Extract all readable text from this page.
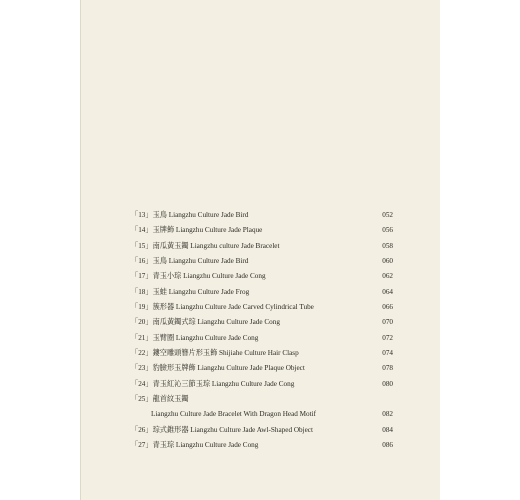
「13」玉鳥 Liangzhu Culture Jade Bird	052
「14」玉牌飾 Liangzhu Culture Jade Plaque	056
「15」南瓜黃玉鐲 Liangzhu culture Jade Bracelet	058
「16」玉鳥 Liangzhu Culture Jade Bird	060
「17」青玉小琮 Liangzhu Culture Jade Cong	062
「18」玉蛙 Liangzhu Culture Jade Frog	064
「19」簇形器 Liangzhu Culture Jade Carved Cylindrical Tube	066
「20」南瓜黃鐲式琮 Liangzhu Culture Jade Cong	070
「21」玉臂圈 Liangzhu Culture Jade Cong	072
「22」鏤空雕頭簪片形玉飾 Shijiahe Culture Hair Clasp	074
「23」豹臉形玉牌飾 Liangzhu Culture Jade Plaque Object	078
「24」青玉紅沁三節玉琮 Liangzhu Culture Jade Cong	080
「25」龍首紋玉鐲
Liangzhu Culture Jade Bracelet With Dragon Head Motif	082
「26」琮式錐形器 Liangzhu Culture Jade Awl-Shaped Object	084
「27」青玉琮 Liangzhu Culture Jade Cong	086
